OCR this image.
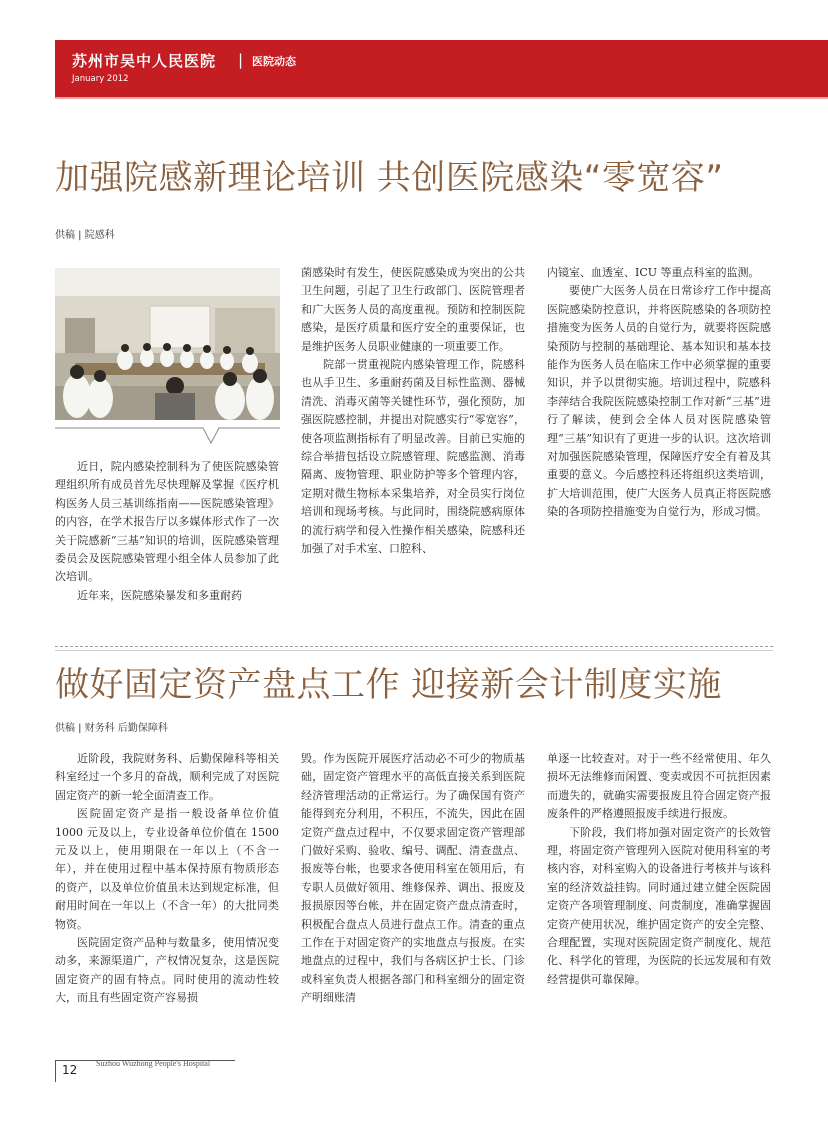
苏州市吴中人民医院 | 医院动态
January 2012
加强院感新理论培训 共创医院感染“零宽容”
供稿 | 院感科

近日，院内感染控制科为了使医院感染管理组织所有成员首先尽快理解及掌握《医疗机构医务人员三基训练指南——医院感染管理》的内容，在学术报告厅以多媒体形式作了一次关于院感新“三基”知识的培训，医院感染管理委员会及医院感染管理小组全体人员参加了此次培训。

近年来，医院感染暴发和多重耐药

菌感染时有发生，使医院感染成为突出的公共卫生问题，引起了卫生行政部门、医院管理者和广大医务人员的高度重视。预防和控制医院感染，是医疗质量和医疗安全的重要保证，也是维护医务人员职业健康的一项重要工作。

院部一贯重视院内感染管理工作，院感科也从手卫生、多重耐药菌及目标性监测、器械清洗、消毒灭菌等关键性环节，强化预防，加强医院感控制，并提出对院感实行“零宽容”，使各项监测指标有了明显改善。目前已实施的综合举措包括设立院感管理、院感监测、消毒隔离、废物管理、职业防护等多个管理内容，定期对微生物标本采集培养，对全员实行岗位培训和现场考核。与此同时，围绕院感病原体的流行病学和侵入性操作相关感染，院感科还加强了对手术室、口腔科、

内镜室、血透室、ICU 等重点科室的监测。

要使广大医务人员在日常诊疗工作中提高医院感染防控意识，并将医院感染的各项防控措施变为医务人员的自觉行为，就要将医院感染预防与控制的基础理论、基本知识和基本技能作为医务人员在临床工作中必须掌握的重要知识，并予以贯彻实施。培训过程中，院感科李萍结合我院医院感染控制工作对新“三基”进行了解读，使到会全体人员对医院感染管理“三基”知识有了更进一步的认识。这次培训对加强医院感染管理，保障医疗安全有着及其重要的意义。今后感控科还将组织这类培训，扩大培训范围，使广大医务人员真正将医院感染的各项防控措施变为自觉行为，形成习惯。

做好固定资产盘点工作 迎接新会计制度实施
供稿 | 财务科 后勤保障科

近阶段，我院财务科、后勤保障科等相关科室经过一个多月的奋战，顺利完成了对医院固定资产的新一轮全面清查工作。

医院固定资产是指一般设备单位价值 1000 元及以上，专业设备单位价值在 1500 元及以上，使用期限在一年以上（不含一年），并在使用过程中基本保持原有物质形态的资产，以及单位价值虽未达到规定标准，但耐用时间在一年以上（不含一年）的大批同类物资。

医院固定资产品种与数量多，使用情况变动多，来源渠道广，产权情况复杂，这是医院固定资产的固有特点。同时使用的流动性较大，而且有些固定资产容易损

毁。作为医院开展医疗活动必不可少的物质基础，固定资产管理水平的高低直接关系到医院经济管理活动的正常运行。为了确保国有资产能得到充分利用，不积压，不流失，因此在固定资产盘点过程中，不仅要求固定资产管理部门做好采购、验收、编号、调配、清查盘点、报废等台帐，也要求各使用科室在领用后，有专职人员做好领用、维修保养、调出、报废及报损原因等台帐，并在固定资产盘点清查时，积极配合盘点人员进行盘点工作。清查的重点工作在于对固定资产的实地盘点与报废。在实地盘点的过程中，我们与各病区护士长、门诊或科室负责人根据各部门和科室细分的固定资产明细账清

单逐一比较查对。对于一些不经常使用、年久损坏无法维修而闲置、变卖或因不可抗拒因素而遗失的，就确实需要报废且符合固定资产报废条件的严格遵照报废手续进行报废。

下阶段，我们将加强对固定资产的长效管理，将固定资产管理列入医院对使用科室的考核内容，对科室购入的设备进行考核并与该科室的经济效益挂钩。同时通过建立健全医院固定资产各项管理制度、问责制度，准确掌握固定资产使用状况，维护固定资产的安全完整、合理配置，实现对医院固定资产制度化、规范化、科学化的管理，为医院的长远发展和有效经营提供可靠保障。

12 Suzhou Wuzhong People's Hospital
